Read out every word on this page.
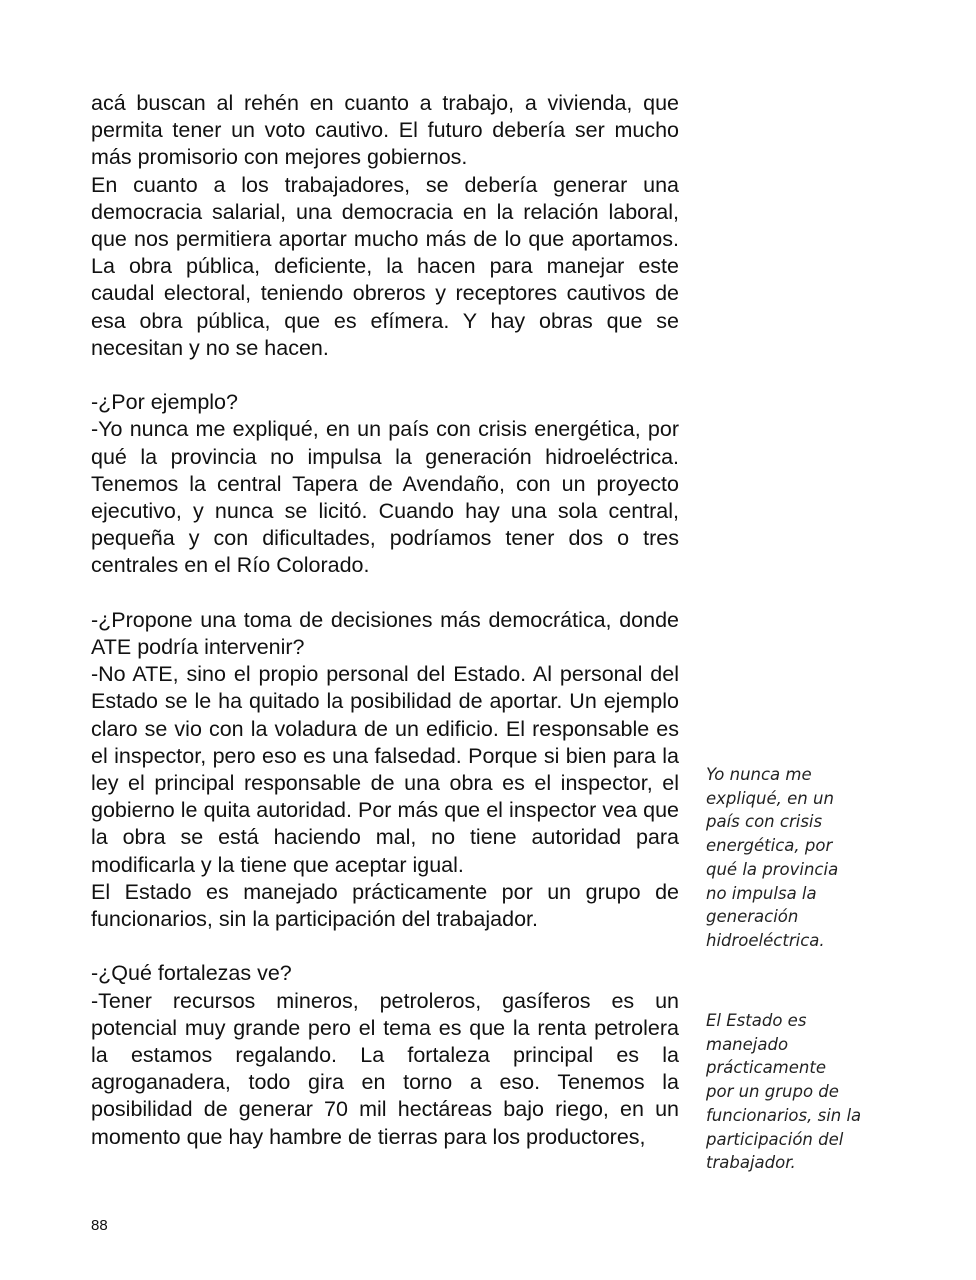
acá buscan al rehén en cuanto a trabajo, a vivienda, que permita tener un voto cautivo. El futuro debería ser mucho más promisorio con mejores gobiernos.

En cuanto a los trabajadores, se debería generar una democracia salarial, una democracia en la relación laboral, que nos permitiera aportar mucho más de lo que aportamos. La obra pública, deficiente, la hacen para manejar este caudal electoral, teniendo obreros y receptores cautivos de esa obra pública, que es efímera. Y hay obras que se necesitan y no se hacen.

-¿Por ejemplo?

-Yo nunca me expliqué, en un país con crisis energética, por qué la provincia no impulsa la generación hidroeléctrica. Tenemos la central Tapera de Avendaño, con un proyecto ejecutivo, y nunca se licitó. Cuando hay una sola central, pequeña y con dificultades, podríamos tener dos o tres centrales en el Río Colorado.

-¿Propone una toma de decisiones más democrática, donde ATE podría intervenir?

-No ATE, sino el propio personal del Estado. Al personal del Estado se le ha quitado la posibilidad de aportar. Un ejemplo claro se vio con la voladura de un edificio. El responsable es el inspector, pero eso es una falsedad. Porque si bien para la ley el principal responsable de una obra es el inspector, el gobierno le quita autoridad. Por más que el inspector vea que la obra se está haciendo mal, no tiene autoridad para modificarla y la tiene que aceptar igual.

El Estado es manejado prácticamente por un grupo de funcionarios, sin la participación del trabajador.

-¿Qué fortalezas ve?

-Tener recursos mineros, petroleros, gasíferos es un potencial muy grande pero el tema es que la renta petrolera la estamos regalando. La fortaleza principal es la agroganadera, todo gira en torno a eso. Tenemos la posibilidad de generar 70 mil hectáreas bajo riego, en un momento que hay hambre de tierras para los productores,

Yo nunca me
expliqué, en un
país con crisis
energética, por
qué la provincia
no impulsa la
generación
hidroeléctrica.

El Estado es
manejado
prácticamente
por un grupo de
funcionarios, sin la
participación del
trabajador.

88
